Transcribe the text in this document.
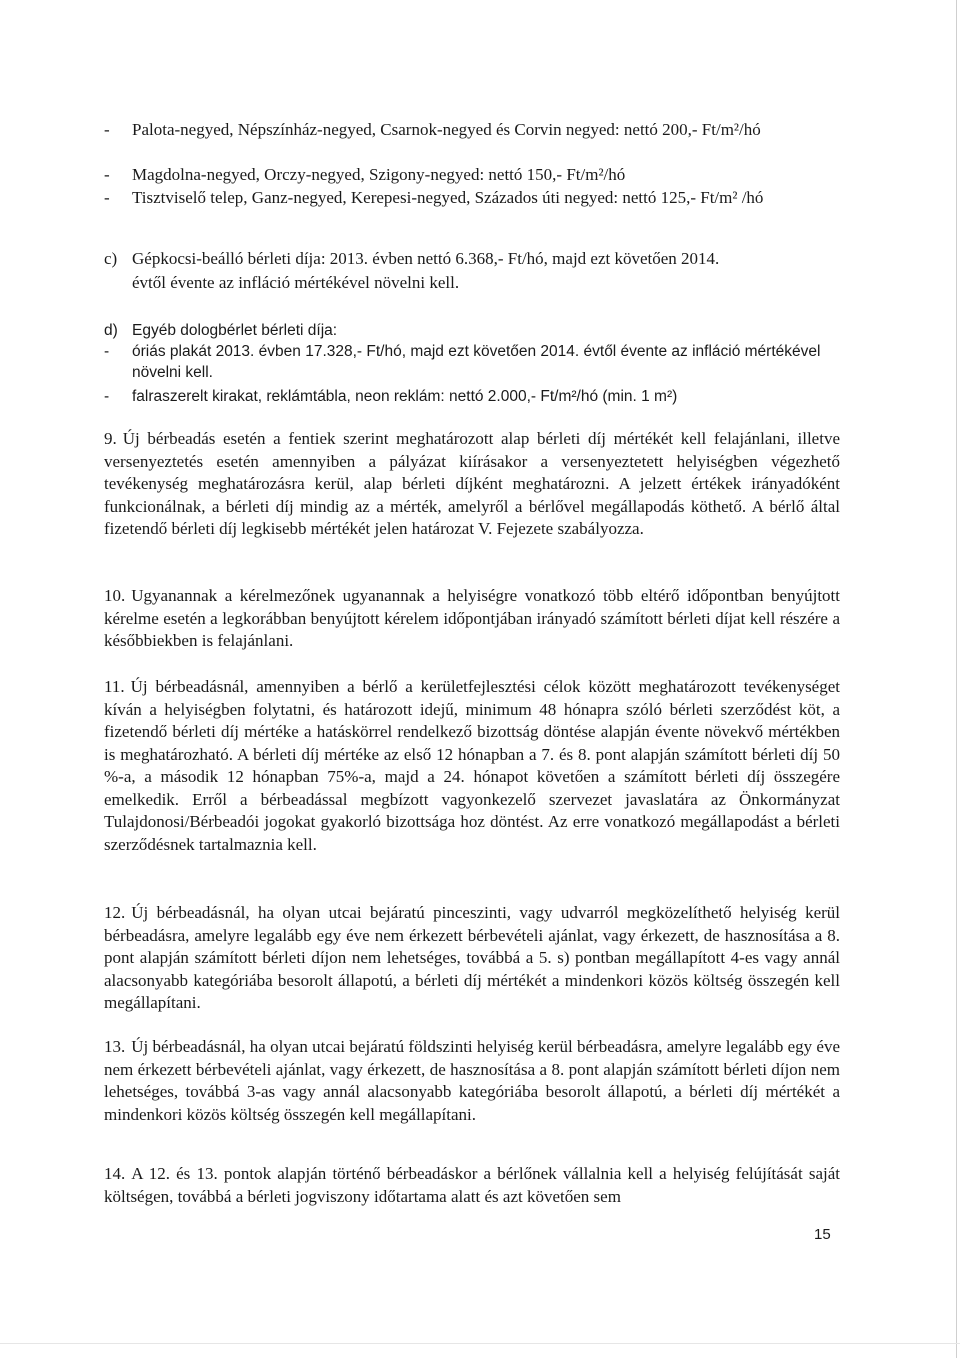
-	Palota-negyed, Népszínház-negyed, Csarnok-negyed és Corvin negyed: nettó 200,- Ft/m²/hó
-	Magdolna-negyed, Orczy-negyed, Szigony-negyed: nettó 150,- Ft/m²/hó
-	Tisztviselő telep, Ganz-negyed, Kerepesi-negyed, Százados úti negyed: nettó 125,- Ft/m² /hó
c) Gépkocsi-beálló bérleti díja: 2013. évben nettó 6.368,- Ft/hó, majd ezt követően 2014.
évtől évente az infláció mértékével növelni kell.
d) Egyéb dologbérlet bérleti díja:
-	óriás plakát 2013. évben 17.328,- Ft/hó, majd ezt követően 2014. évtől évente az infláció mértékével növelni kell.
-	falraszerelt kirakat, reklámtábla, neon reklám: nettó 2.000,- Ft/m²/hó (min. 1 m²)
9. Új bérbeadás esetén a fentiek szerint meghatározott alap bérleti díj mértékét kell felajánlani, illetve versenyeztetés esetén amennyiben a pályázat kiírásakor a versenyeztetett helyiségben végezhető tevékenység meghatározásra kerül, alap bérleti díjként meghatározni. A jelzett értékek irányadóként funkcionálnak, a bérleti díj mindig az a mérték, amelyről a bérlővel megállapodás köthető. A bérlő által fizetendő bérleti díj legkisebb mértékét jelen határozat V. Fejezete szabályozza.
10. Ugyanannak a kérelmezőnek ugyanannak a helyiségre vonatkozó több eltérő időpontban benyújtott kérelme esetén a legkorábban benyújtott kérelem időpontjában irányadó számított bérleti díjat kell részére a későbbiekben is felajánlani.
11. Új bérbeadásnál, amennyiben a bérlő a kerületfejlesztési célok között meghatározott tevékenységet kíván a helyiségben folytatni, és határozott idejű, minimum 48 hónapra szóló bérleti szerződést köt, a fizetendő bérleti díj mértéke a hatáskörrel rendelkező bizottság döntése alapján évente növekvő mértékben is meghatározható. A bérleti díj mértéke az első 12 hónapban a 7. és 8. pont alapján számított bérleti díj 50 %-a, a második 12 hónapban 75%-a, majd a 24. hónapot követően a számított bérleti díj összegére emelkedik. Erről a bérbeadással megbízott vagyonkezelő szervezet javaslatára az Önkormányzat Tulajdonosi/Bérbeadói jogokat gyakorló bizottsága hoz döntést. Az erre vonatkozó megállapodást a bérleti szerződésnek tartalmaznia kell.
12. Új bérbeadásnál, ha olyan utcai bejáratú pinceszinti, vagy udvarról megközelíthető helyiség kerül bérbeadásra, amelyre legalább egy éve nem érkezett bérbevételi ajánlat, vagy érkezett, de hasznosítása a 8. pont alapján számított bérleti díjon nem lehetséges, továbbá a 5. s) pontban megállapított 4-es vagy annál alacsonyabb kategóriába besorolt állapotú, a bérleti díj mértékét a mindenkori közös költség összegén kell megállapítani.
13. Új bérbeadásnál, ha olyan utcai bejáratú földszinti helyiség kerül bérbeadásra, amelyre legalább egy éve nem érkezett bérbevételi ajánlat, vagy érkezett, de hasznosítása a 8. pont alapján számított bérleti díjon nem lehetséges, továbbá 3-as vagy annál alacsonyabb kategóriába besorolt állapotú, a bérleti díj mértékét a mindenkori közös költség összegén kell megállapítani.
14. A 12. és 13. pontok alapján történő bérbeadáskor a bérlőnek vállalnia kell a helyiség felújítását saját költségen, továbbá a bérleti jogviszony időtartama alatt és azt követően sem
15
